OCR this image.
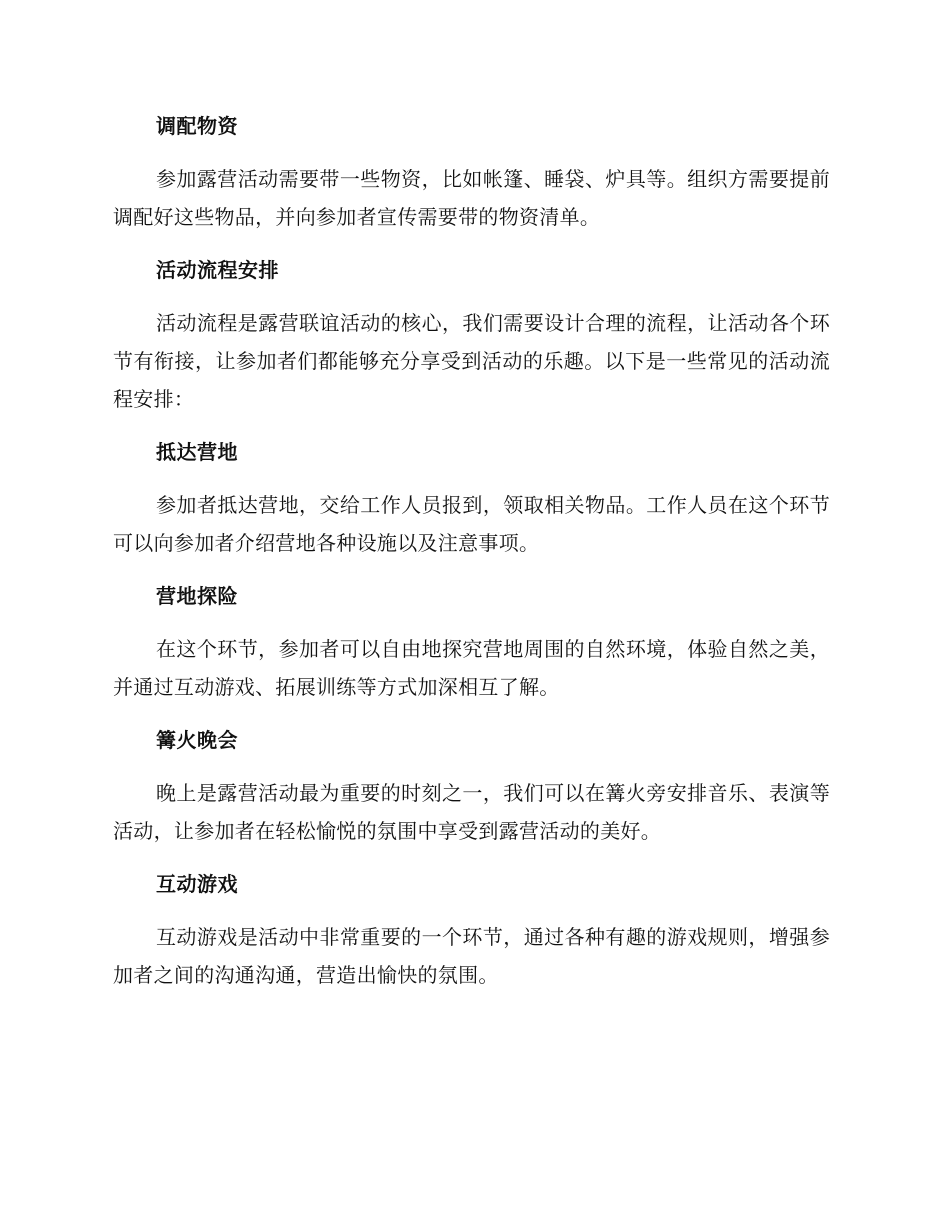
调配物资

参加露营活动需要带一些物资，比如帐篷、睡袋、炉具等。组织方需要提前调配好这些物品，并向参加者宣传需要带的物资清单。

活动流程安排

活动流程是露营联谊活动的核心，我们需要设计合理的流程，让活动各个环节有衔接，让参加者们都能够充分享受到活动的乐趣。以下是一些常见的活动流程安排：

抵达营地

参加者抵达营地，交给工作人员报到，领取相关物品。工作人员在这个环节可以向参加者介绍营地各种设施以及注意事项。

营地探险

在这个环节，参加者可以自由地探究营地周围的自然环境，体验自然之美，并通过互动游戏、拓展训练等方式加深相互了解。

篝火晚会

晚上是露营活动最为重要的时刻之一，我们可以在篝火旁安排音乐、表演等活动，让参加者在轻松愉悦的氛围中享受到露营活动的美好。

互动游戏

互动游戏是活动中非常重要的一个环节，通过各种有趣的游戏规则，增强参加者之间的沟通沟通，营造出愉快的氛围。
